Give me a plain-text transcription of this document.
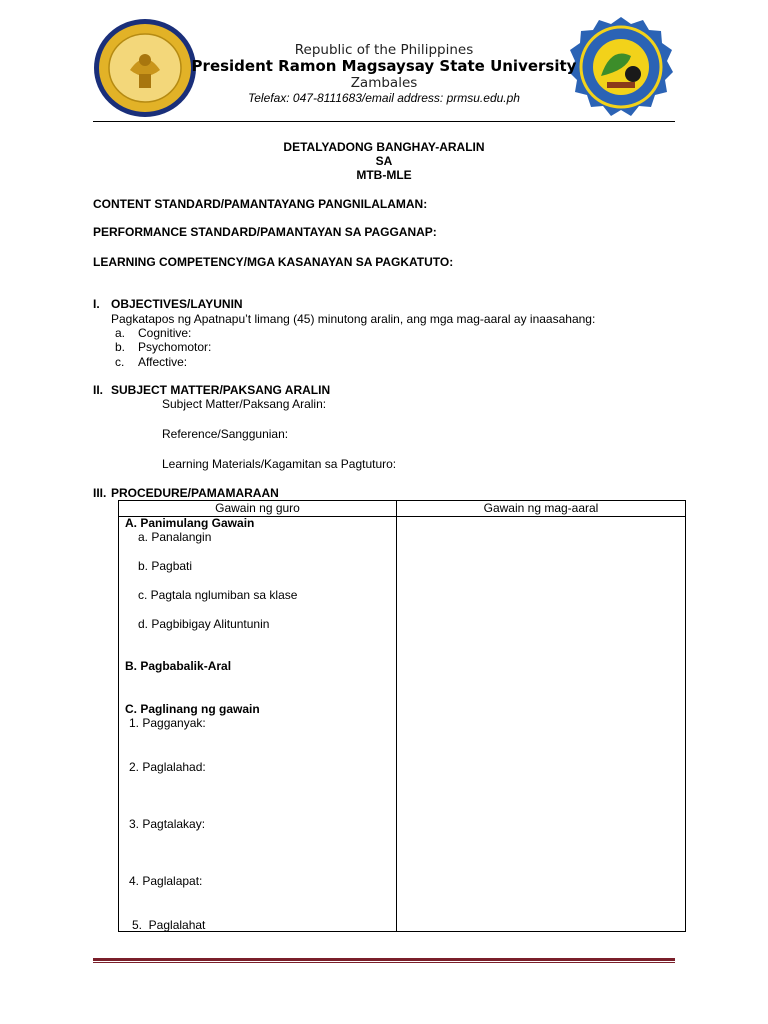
Republic of the Philippines
President Ramon Magsaysay State University
Zambales
Telefax: 047-8111683/email address: prmsu.edu.ph
DETALYADONG BANGHAY-ARALIN
SA
MTB-MLE
CONTENT STANDARD/PAMANTAYANG PANGNILALAMAN:
PERFORMANCE STANDARD/PAMANTAYAN SA PAGGANAP:
LEARNING COMPETENCY/MGA KASANAYAN SA PAGKATUTO:
I. OBJECTIVES/LAYUNIN
Pagkatapos ng Apatnapu’t limang (45) minutong aralin, ang mga mag-aaral ay inaasahang:
a. Cognitive:
b. Psychomotor:
c. Affective:
II. SUBJECT MATTER/PAKSANG ARALIN
Subject Matter/Paksang Aralin:
Reference/Sanggunian:
Learning Materials/Kagamitan sa Pagtuturo:
III. PROCEDURE/PAMAMARAAN
Gawain ng guro	Gawain ng mag-aaral
A. Panimulang Gawain
a. Panalangin
b. Pagbati
c. Pagtala nglumiban sa klase
d. Pagbibigay Alituntunin
B. Pagbabalik-Aral
C. Paglinang ng gawain
1. Pagganyak:
2. Paglalahad:
3. Pagtalakay:
4. Paglalapat:
5.  Paglalahat
